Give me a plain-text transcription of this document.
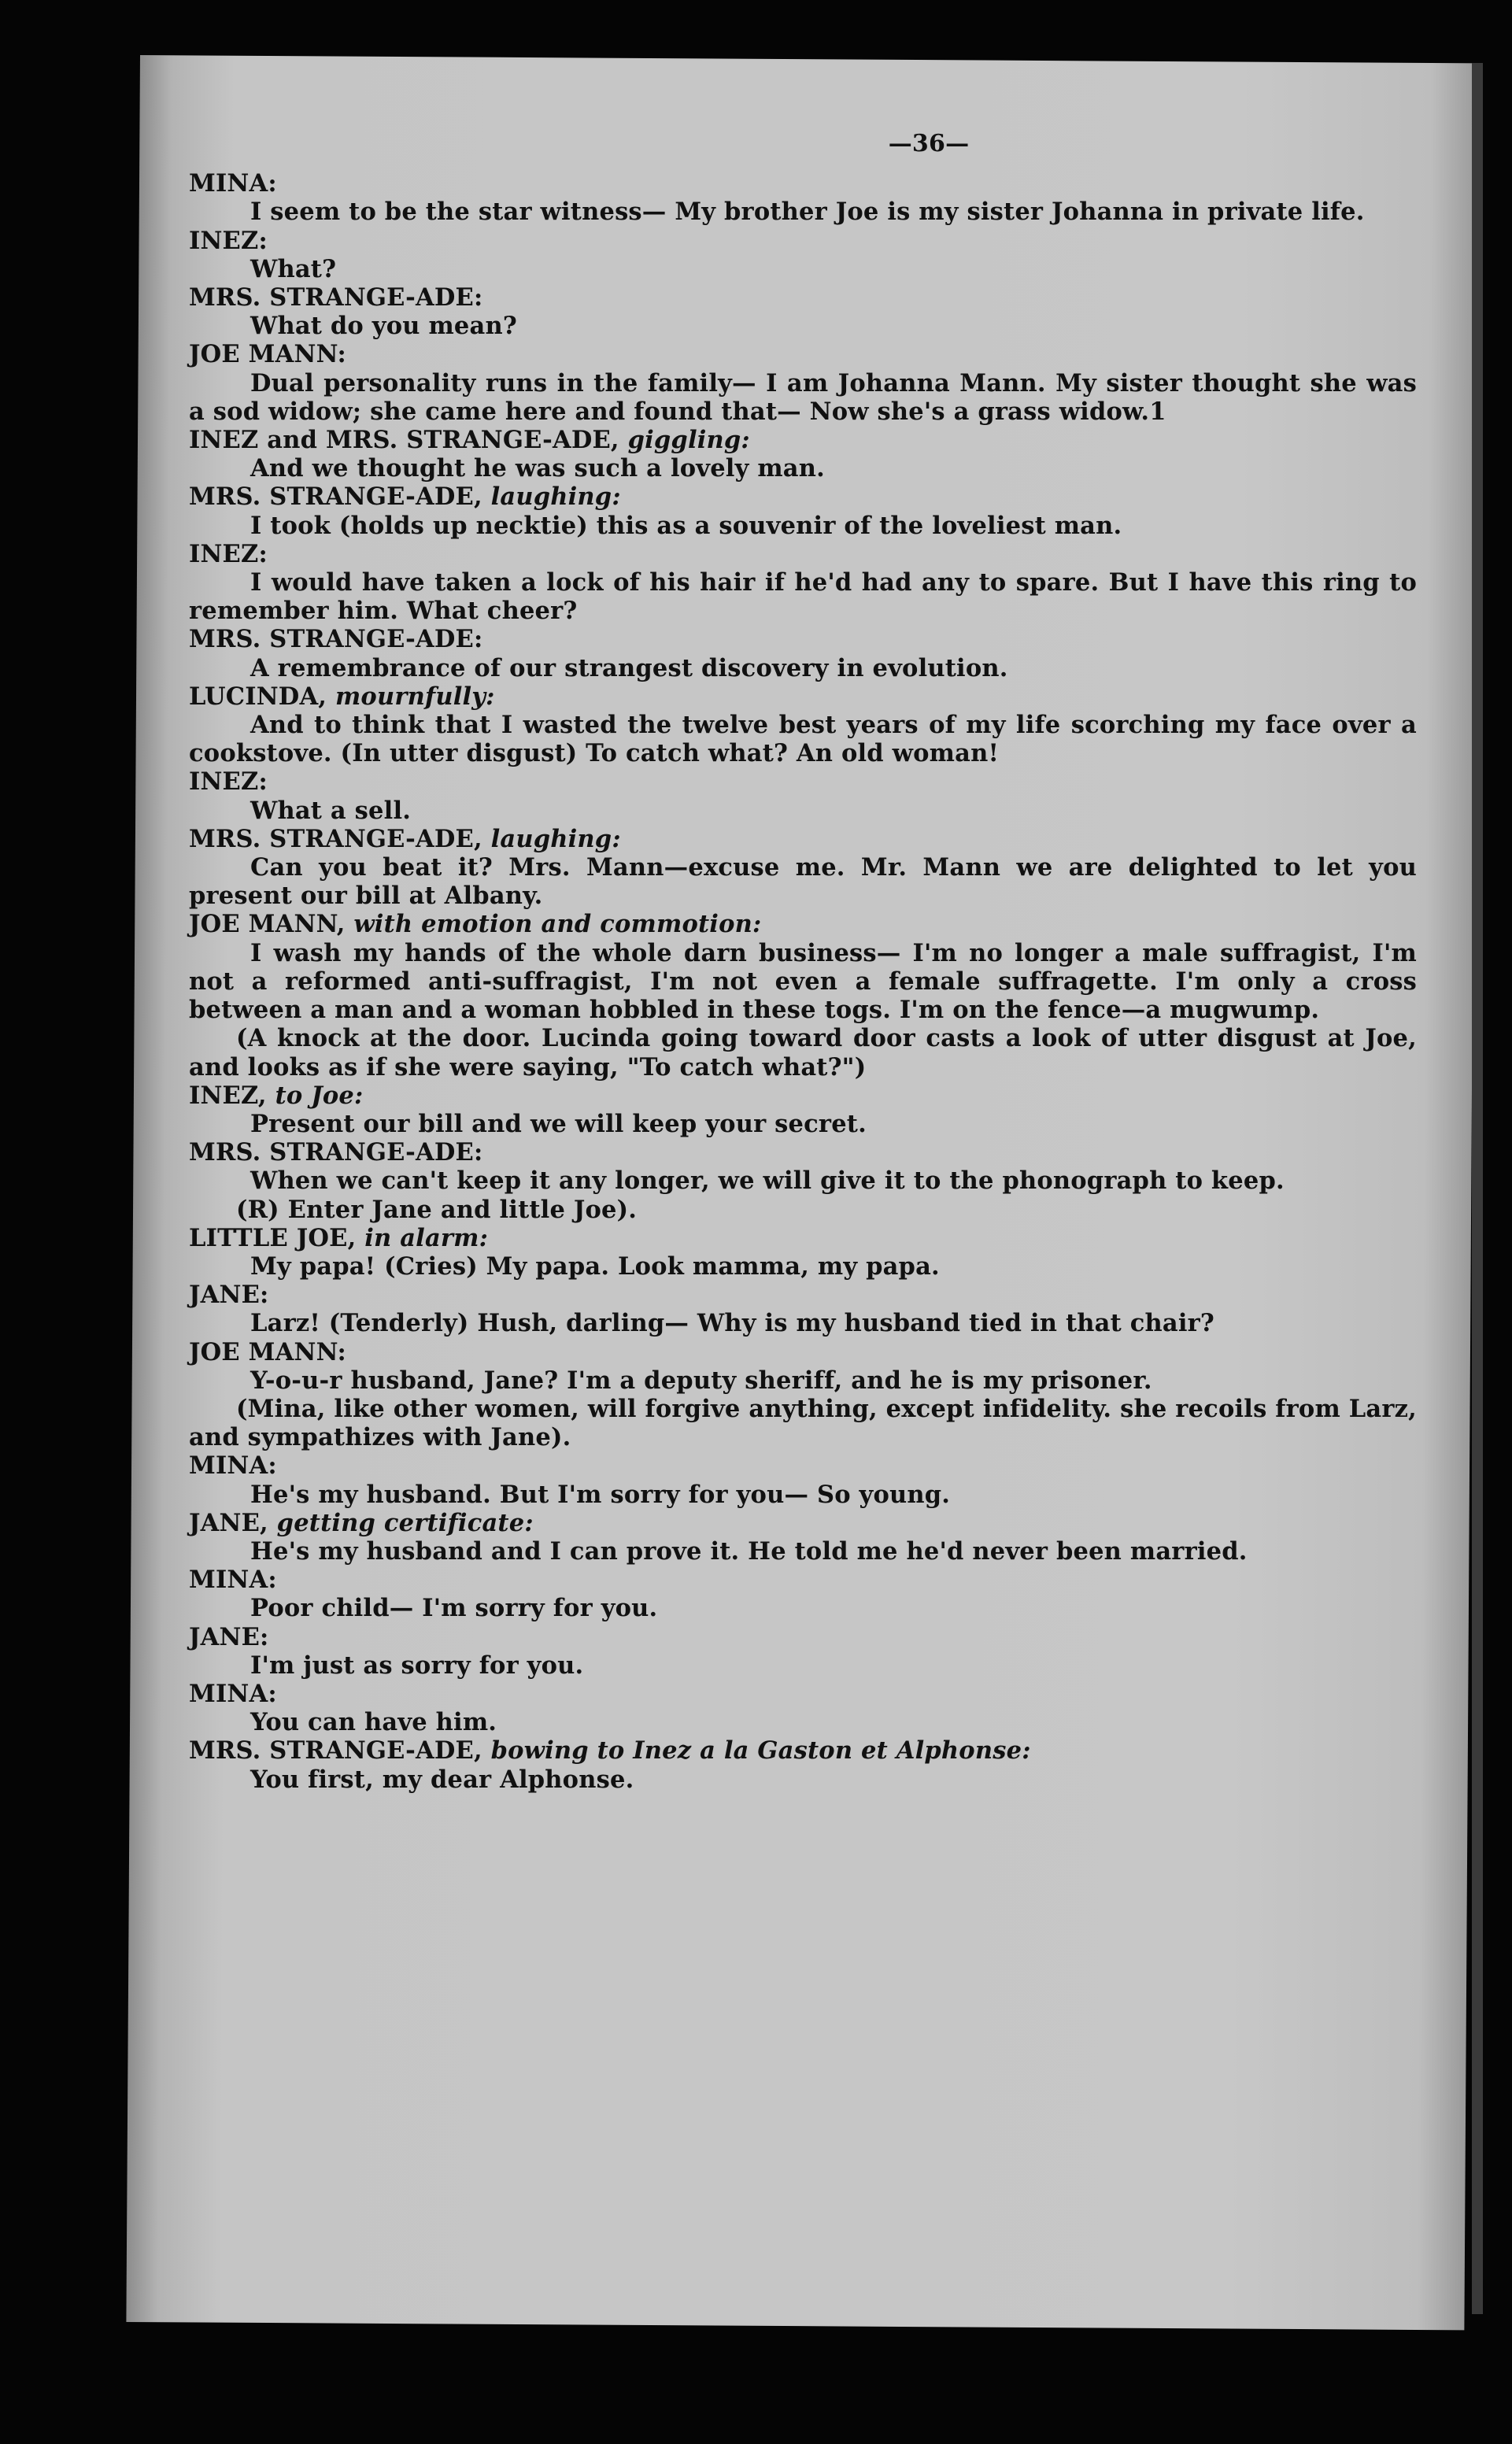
—36—

MINA:

I seem to be the star witness— My brother Joe is my sister Johanna in private life.

INEZ:

What?

MRS. STRANGE-ADE:

What do you mean?

JOE MANN:

Dual personality runs in the family— I am Johanna Mann. My sister thought she was a sod widow; she came here and found that— Now she's a grass widow.1

INEZ and MRS. STRANGE-ADE, giggling:

And we thought he was such a lovely man.

MRS. STRANGE-ADE, laughing:

I took (holds up necktie) this as a souvenir of the loveliest man.

INEZ:

I would have taken a lock of his hair if he'd had any to spare. But I have this ring to remember him. What cheer?

MRS. STRANGE-ADE:

A remembrance of our strangest discovery in evolution.

LUCINDA, mournfully:

And to think that I wasted the twelve best years of my life scorching my face over a cookstove. (In utter disgust) To catch what? An old woman!

INEZ:

What a sell.

MRS. STRANGE-ADE, laughing:

Can you beat it? Mrs. Mann—excuse me. Mr. Mann we are delighted to let you present our bill at Albany.

JOE MANN, with emotion and commotion:

I wash my hands of the whole darn business— I'm no longer a male suffragist, I'm not a reformed anti-suffragist, I'm not even a female suffragette. I'm only a cross between a man and a woman hobbled in these togs. I'm on the fence—a mugwump.

(A knock at the door. Lucinda going toward door casts a look of utter disgust at Joe, and looks as if she were saying, "To catch what?")

INEZ, to Joe:

Present our bill and we will keep your secret.

MRS. STRANGE-ADE:

When we can't keep it any longer, we will give it to the phonograph to keep.

(R) Enter Jane and little Joe).

LITTLE JOE, in alarm:

My papa! (Cries) My papa. Look mamma, my papa.

JANE:

Larz! (Tenderly) Hush, darling— Why is my husband tied in that chair?

JOE MANN:

Y-o-u-r husband, Jane? I'm a deputy sheriff, and he is my prisoner.

(Mina, like other women, will forgive anything, except infidelity. she recoils from Larz, and sympathizes with Jane).

MINA:

He's my husband. But I'm sorry for you— So young.

JANE, getting certificate:

He's my husband and I can prove it. He told me he'd never been married.

MINA:

Poor child— I'm sorry for you.

JANE:

I'm just as sorry for you.

MINA:

You can have him.

MRS. STRANGE-ADE, bowing to Inez a la Gaston et Alphonse:

You first, my dear Alphonse.
